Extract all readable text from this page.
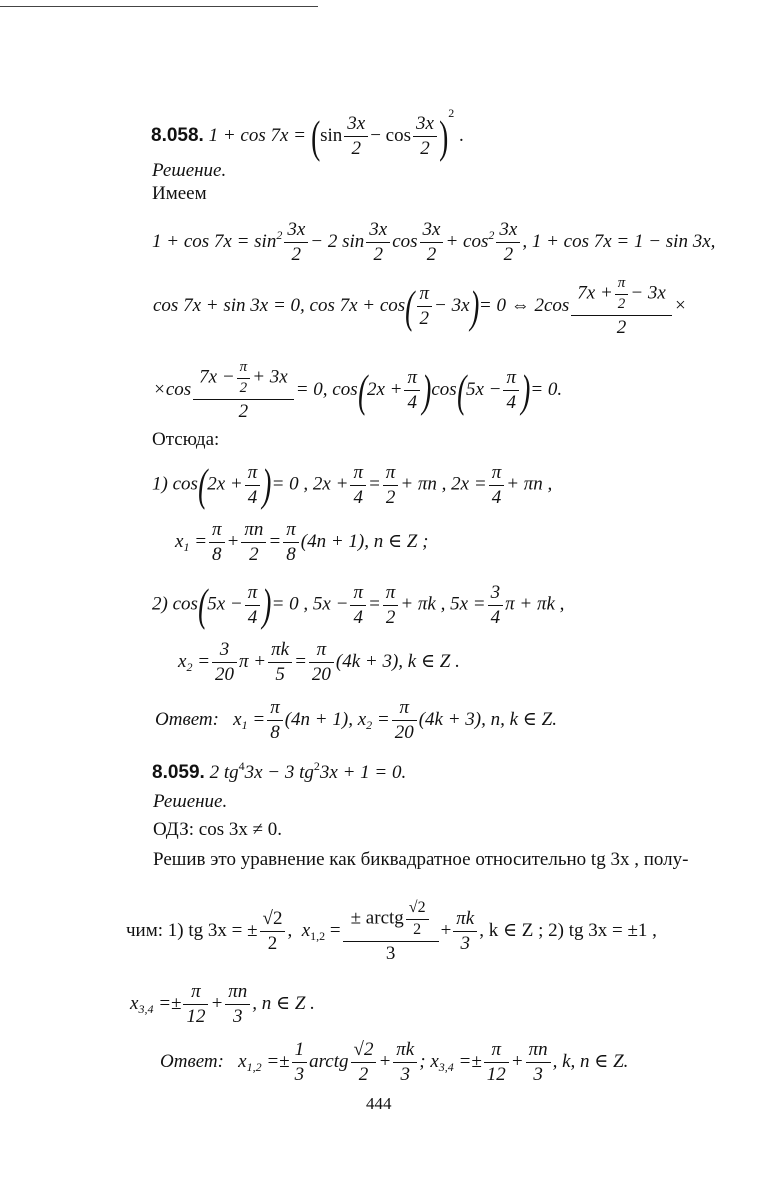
8.058. $1 + \cos 7x = (\sin \frac{3x}{2} - \cos \frac{3x}{2} )^2$ .
Решение.
Имеем
$1 + \cos 7x = \sin^2 \frac{3x}{2} - 2$ $\sin \frac{3x}{2}$ $\cos \frac{3x}{2} + \cos^2 \frac{3x}{2}$ , 1 + cos 7x = 1 − sin 3x,
cos 7x + sin 3x = 0, $\cos 7x + \cos( \frac{\pi}{2} - 3x)= 0$ ⇔ $2\cos \frac{7x + \frac{\pi}{2} - 3x}{2}$ ×
$\times\cos \frac{7x - \frac{\pi}{2} + 3x}{2} = 0$, $\cos(2x + \frac{\pi}{4} )\cos(5x - \frac{\pi}{4}$ )= 0.
Отсюда:
1) $\cos(2x + \frac{\pi}{4}$ )= 0 , $2x + \frac{\pi}{4} = \frac{\pi}{2} + \pi n$ , $2x = \frac{\pi}{4} + \pi n$ ,
$x_1 = \frac{\pi}{8} + \frac{\pi n}{2} = \frac{\pi}{8} (4n + 1)$, n ∈ Z ;
2) $\cos(5x - \frac{\pi}{4}$ )= 0 , $5x - \frac{\pi}{4} = \frac{\pi}{2} + \pi k$ , $5x = \frac{3}{4}$ π + πk ,
$x_2 = \frac{3}{20}$ $\pi + \frac{\pi k}{5} = \frac{\pi}{20} (4k + 3)$, k ∈ Z .
Ответ: $x_1 = \frac{\pi}{8} (4n + 1)$, $x_2 = \frac{\pi}{20} (4k + 3)$, n, k ∈ Z.
8.059. 2 $tg^43x - 3$ $tg^23x + 1 = 0$.
Решение.
ОДЗ: cos 3x ≠ 0.
Решив это уравнение как биквадратное относительно tg 3x , полу-
чим: 1) tg 3x = ± $\frac{√2}{2}$ ,  $x_{1,2} = \frac{\pm arctg \frac{√2}{2}}{3} + \frac{\pi k}{3}$ , k ∈ Z ; 2) tg 3x = ±1 ,
$x_{3,4} =\pm \frac{\pi}{12} + \frac{\pi n}{3}$ , n ∈ Z .
Ответ: $x_{1,2} =\pm \frac{1}{3}$ arctg $\frac{√2}{2} + \frac{\pi k}{3}$ ; $x_{3,4} =\pm \frac{\pi}{12} + \frac{\pi n}{3}$ , k, n ∈ Z.
444
